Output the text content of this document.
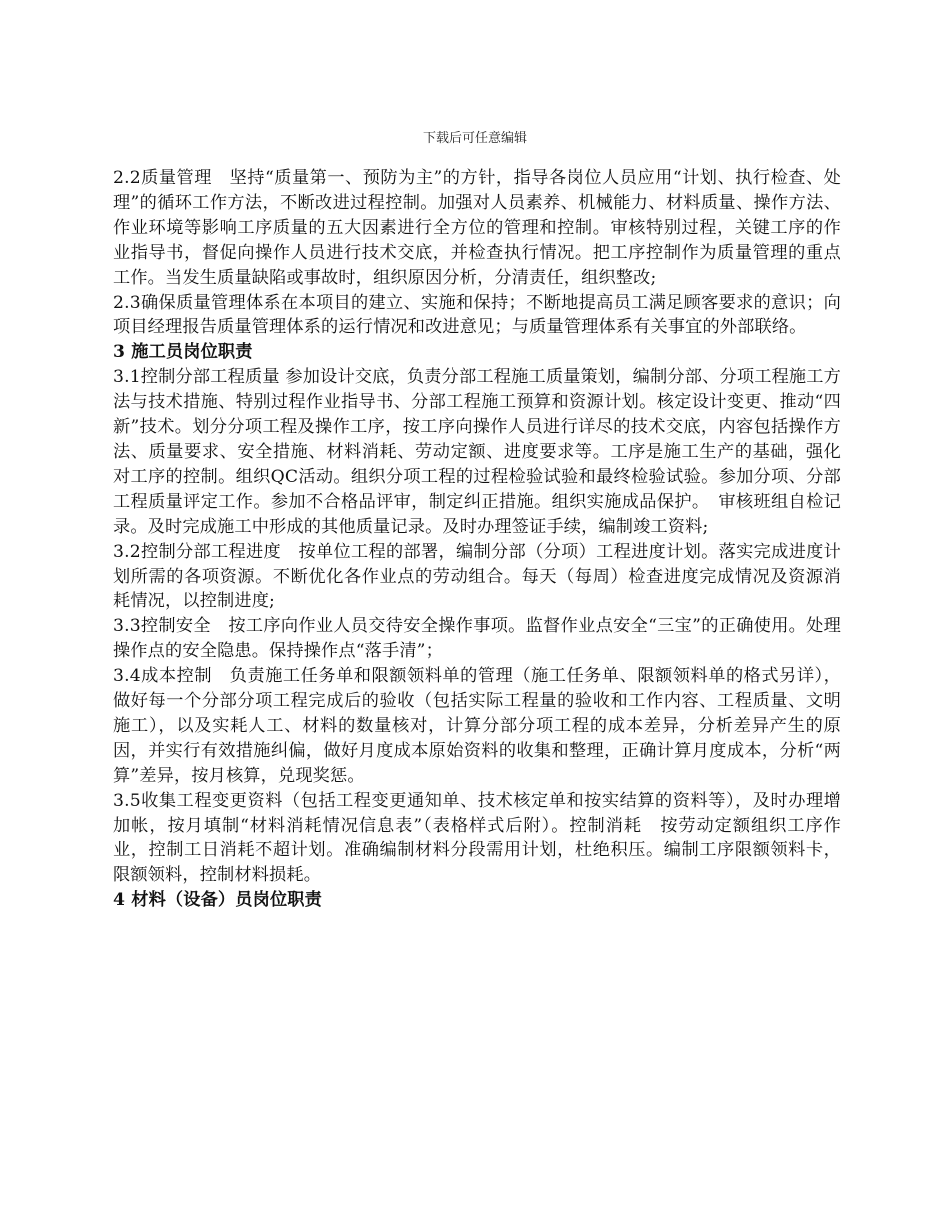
下载后可任意编辑

2.2质量管理　坚持“质量第一、预防为主”的方针，指导各岗位人员应用“计划、执行检查、处理”的循环工作方法，不断改进过程控制。加强对人员素养、机械能力、材料质量、操作方法、作业环境等影响工序质量的五大因素进行全方位的管理和控制。审核特别过程，关键工序的作业指导书，督促向操作人员进行技术交底，并检查执行情况。把工序控制作为质量管理的重点工作。当发生质量缺陷或事故时，组织原因分析，分清责任，组织整改;

2.3确保质量管理体系在本项目的建立、实施和保持；不断地提高员工满足顾客要求的意识；向项目经理报告质量管理体系的运行情况和改进意见；与质量管理体系有关事宜的外部联络。

3 施工员岗位职责

3.1控制分部工程质量 参加设计交底，负责分部工程施工质量策划，编制分部、分项工程施工方法与技术措施、特别过程作业指导书、分部工程施工预算和资源计划。核定设计变更、推动“四新”技术。划分分项工程及操作工序，按工序向操作人员进行详尽的技术交底，内容包括操作方法、质量要求、安全措施、材料消耗、劳动定额、进度要求等。工序是施工生产的基础，强化对工序的控制。组织QC活动。组织分项工程的过程检验试验和最终检验试验。参加分项、分部工程质量评定工作。参加不合格品评审，制定纠正措施。组织实施成品保护。　审核班组自检记录。及时完成施工中形成的其他质量记录。及时办理签证手续，编制竣工资料;

3.2控制分部工程进度　按单位工程的部署，编制分部（分项）工程进度计划。落实完成进度计划所需的各项资源。不断优化各作业点的劳动组合。每天（每周）检查进度完成情况及资源消耗情况，以控制进度;

3.3控制安全　按工序向作业人员交待安全操作事项。监督作业点安全“三宝”的正确使用。处理操作点的安全隐患。保持操作点“落手清”；

3.4成本控制　负责施工任务单和限额领料单的管理（施工任务单、限额领料单的格式另详），做好每一个分部分项工程完成后的验收（包括实际工程量的验收和工作内容、工程质量、文明施工），以及实耗人工、材料的数量核对，计算分部分项工程的成本差异，分析差异产生的原因，并实行有效措施纠偏，做好月度成本原始资料的收集和整理，正确计算月度成本，分析“两算”差异，按月核算，兑现奖惩。

3.5收集工程变更资料（包括工程变更通知单、技术核定单和按实结算的资料等），及时办理增加帐，按月填制“材料消耗情况信息表”（表格样式后附）。控制消耗　按劳动定额组织工序作业，控制工日消耗不超计划。准确编制材料分段需用计划，杜绝积压。编制工序限额领料卡，限额领料，控制材料损耗。

4 材料（设备）员岗位职责
